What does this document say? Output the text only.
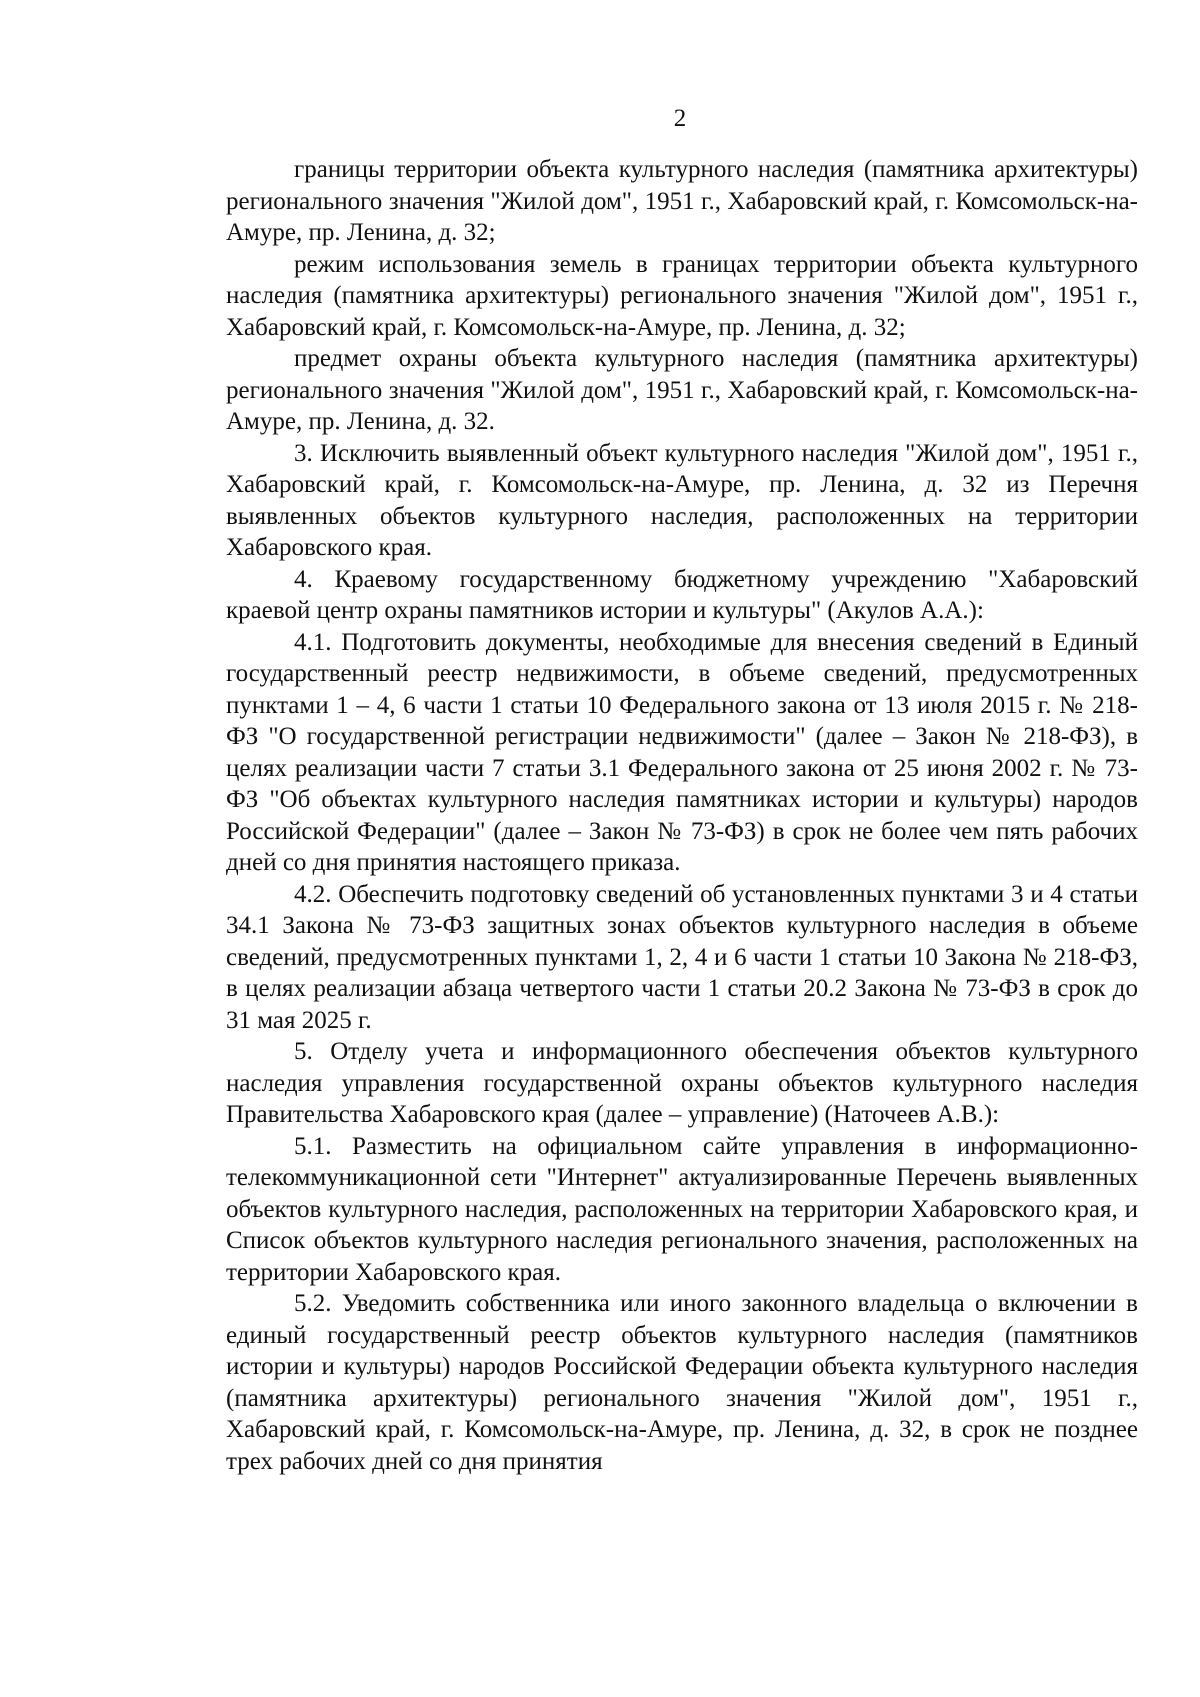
2

границы территории объекта культурного наследия (памятника архитектуры) регионального значения "Жилой дом", 1951 г., Хабаровский край, г. Комсомольск-на-Амуре, пр. Ленина, д. 32;

режим использования земель в границах территории объекта культурного наследия (памятника архитектуры) регионального значения "Жилой дом", 1951 г., Хабаровский край, г. Комсомольск-на-Амуре, пр. Ленина, д. 32;

предмет охраны объекта культурного наследия (памятника архитектуры) регионального значения "Жилой дом", 1951 г., Хабаровский край, г. Комсомольск-на-Амуре, пр. Ленина, д. 32.

3. Исключить выявленный объект культурного наследия "Жилой дом", 1951 г., Хабаровский край, г. Комсомольск-на-Амуре, пр. Ленина, д. 32 из Перечня выявленных объектов культурного наследия, расположенных на территории Хабаровского края.

4. Краевому государственному бюджетному учреждению "Хабаровский краевой центр охраны памятников истории и культуры" (Акулов А.А.):

4.1. Подготовить документы, необходимые для внесения сведений в Единый государственный реестр недвижимости, в объеме сведений, предусмотренных пунктами 1 – 4, 6 части 1 статьи 10 Федерального закона от 13 июля 2015 г. № 218-ФЗ "О государственной регистрации недвижимости" (далее – Закон № 218-ФЗ), в целях реализации части 7 статьи 3.1 Федерального закона от 25 июня 2002 г. № 73-ФЗ "Об объектах культурного наследия памятниках истории и культуры) народов Российской Федерации" (далее – Закон № 73-ФЗ) в срок не более чем пять рабочих дней со дня принятия настоящего приказа.

4.2. Обеспечить подготовку сведений об установленных пунктами 3 и 4 статьи 34.1 Закона № 73-ФЗ защитных зонах объектов культурного наследия в объеме сведений, предусмотренных пунктами 1, 2, 4 и 6 части 1 статьи 10 Закона № 218-ФЗ, в целях реализации абзаца четвертого части 1 статьи 20.2 Закона № 73-ФЗ в срок до 31 мая 2025 г.

5. Отделу учета и информационного обеспечения объектов культурного наследия управления государственной охраны объектов культурного наследия Правительства Хабаровского края (далее – управление) (Наточеев А.В.):

5.1. Разместить на официальном сайте управления в информационно-телекоммуникационной сети "Интернет" актуализированные Перечень выявленных объектов культурного наследия, расположенных на территории Хабаровского края, и Список объектов культурного наследия регионального значения, расположенных на территории Хабаровского края.

5.2. Уведомить собственника или иного законного владельца о включении в единый государственный реестр объектов культурного наследия (памятников истории и культуры) народов Российской Федерации объекта культурного наследия (памятника архитектуры) регионального значения "Жилой дом", 1951 г., Хабаровский край, г. Комсомольск-на-Амуре, пр. Ленина, д. 32, в срок не позднее трех рабочих дней со дня принятия
